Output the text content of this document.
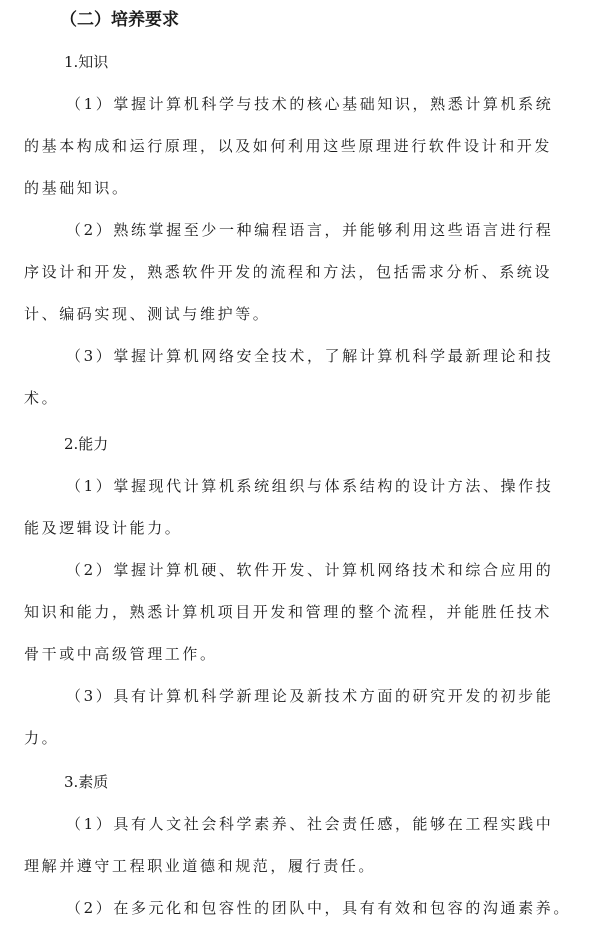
（二）培养要求
1.知识
（1）掌握计算机科学与技术的核心基础知识，熟悉计算机系统
的基本构成和运行原理，以及如何利用这些原理进行软件设计和开发
的基础知识。
（2）熟练掌握至少一种编程语言，并能够利用这些语言进行程
序设计和开发，熟悉软件开发的流程和方法，包括需求分析、系统设
计、编码实现、测试与维护等。
（3）掌握计算机网络安全技术，了解计算机科学最新理论和技
术。
2.能力
（1）掌握现代计算机系统组织与体系结构的设计方法、操作技
能及逻辑设计能力。
（2）掌握计算机硬、软件开发、计算机网络技术和综合应用的
知识和能力，熟悉计算机项目开发和管理的整个流程，并能胜任技术
骨干或中高级管理工作。
（3）具有计算机科学新理论及新技术方面的研究开发的初步能
力。
3.素质
（1）具有人文社会科学素养、社会责任感，能够在工程实践中
理解并遵守工程职业道德和规范，履行责任。
（2）在多元化和包容性的团队中，具有有效和包容的沟通素养。
